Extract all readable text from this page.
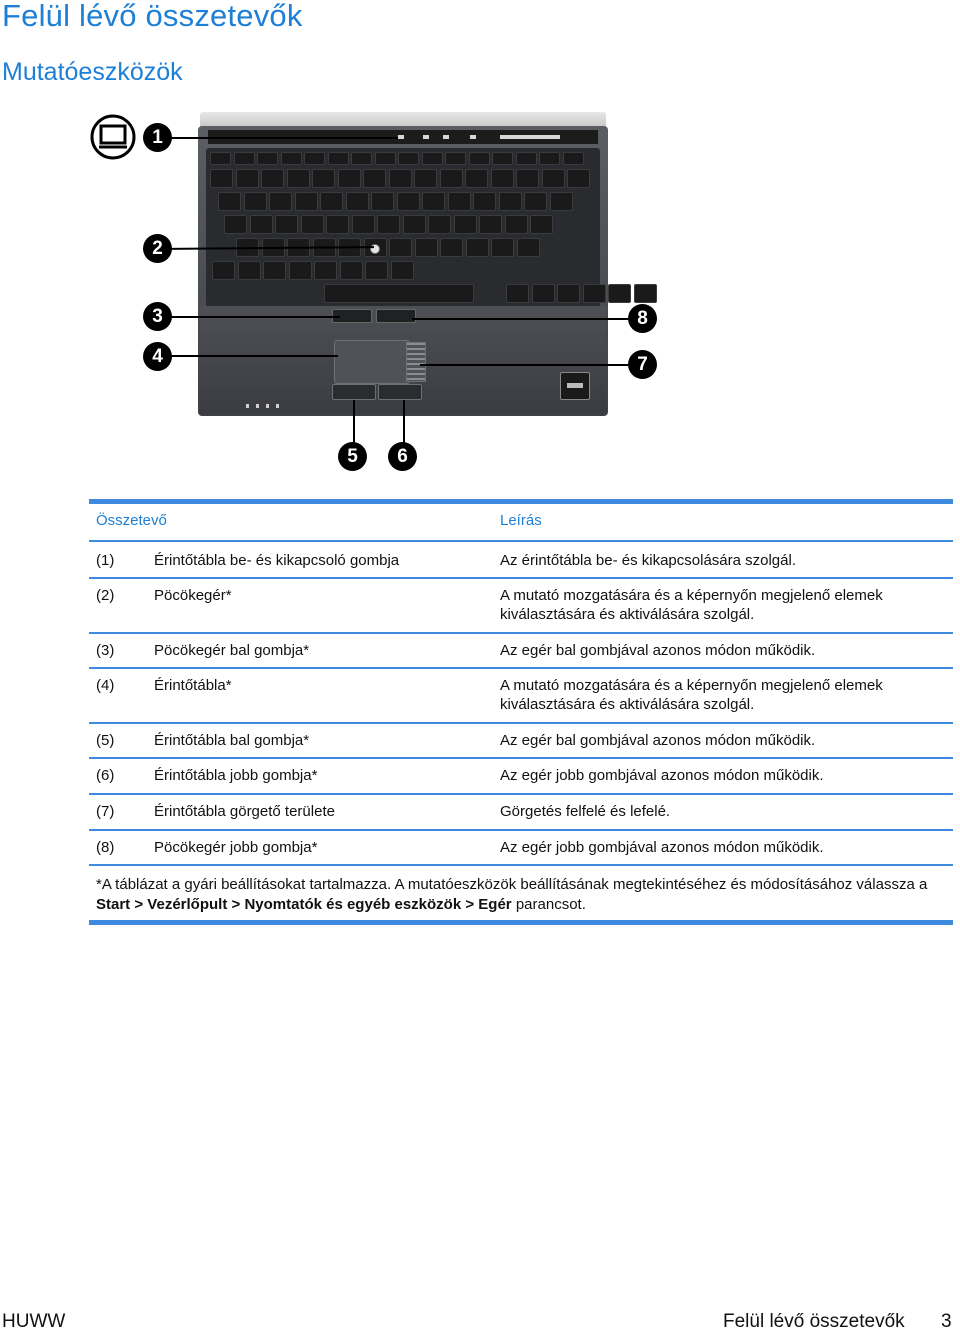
Felül lévő összetevők
Mutatóeszközök
1
2
3
4
5	6
7
8
Összetevő	Leírás
(1)	Érintőtábla be- és kikapcsoló gombja	Az érintőtábla be- és kikapcsolására szolgál.
(2)	Pöcökegér*	A mutató mozgatására és a képernyőn megjelenő elemek kiválasztására és aktiválására szolgál.
(3)	Pöcökegér bal gombja*	Az egér bal gombjával azonos módon működik.
(4)	Érintőtábla*	A mutató mozgatására és a képernyőn megjelenő elemek kiválasztására és aktiválására szolgál.
(5)	Érintőtábla bal gombja*	Az egér bal gombjával azonos módon működik.
(6)	Érintőtábla jobb gombja*	Az egér jobb gombjával azonos módon működik.
(7)	Érintőtábla görgető területe	Görgetés felfelé és lefelé.
(8)	Pöcökegér jobb gombja*	Az egér jobb gombjával azonos módon működik.
*A táblázat a gyári beállításokat tartalmazza. A mutatóeszközök beállításának megtekintéséhez és módosításához válassza a Start > Vezérlőpult > Nyomtatók és egyéb eszközök > Egér parancsot.
HUWW	Felül lévő összetevők 3
